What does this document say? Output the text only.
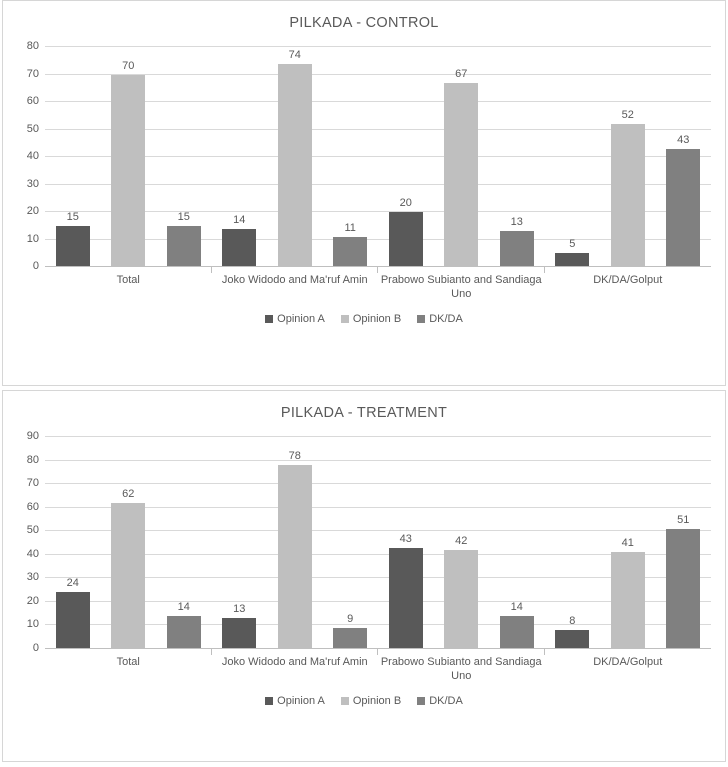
PILKADA - CONTROL
0
10
20
30
40
50
60
70
80
15
70
15	14
74
11
20
67
13
5
52
43
Total	Joko Widodo and Ma'ruf Amin	Prabowo Subianto and Sandiaga Uno
DK/DA/Golput
Opinion A	Opinion B	DK/DA
PILKADA - TREATMENT
0
10
20
30
40
50
60
70
80
90
24
62
14	13
78
9
43	42
14
8
41
51
Total	Joko Widodo and Ma'ruf Amin	Prabowo Subianto and Sandiaga Uno
DK/DA/Golput
Opinion A	Opinion B	DK/DA
